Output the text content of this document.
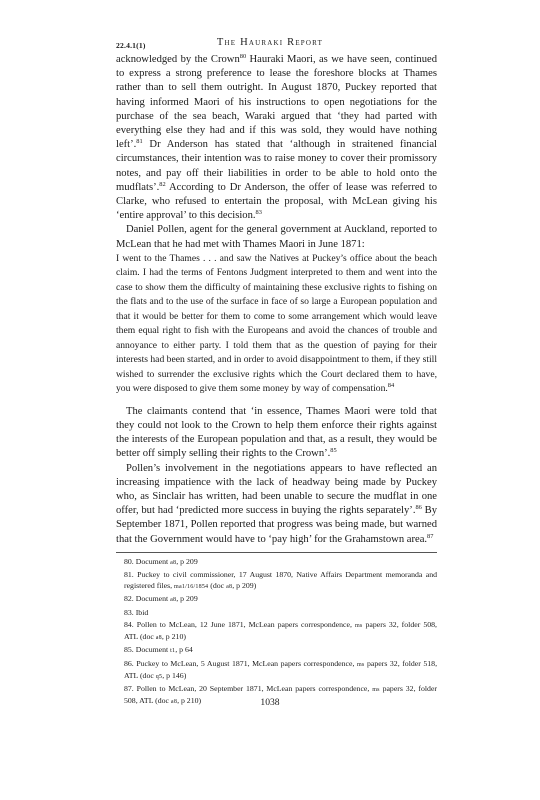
22.4.1(1)	The Hauraki Report

acknowledged by the Crown$^{80}$ Hauraki Maori, as we have seen, continued to express a strong preference to lease the foreshore blocks at Thames rather than to sell them outright. In August 1870, Puckey reported that having informed Maori of his instructions to open negotiations for the purchase of the sea beach, Waraki argued that ‘they had parted with everything else they had and if this was sold, they would have nothing left’.$^{81}$ Dr Anderson has stated that ‘although in straitened financial circumstances, their intention was to raise money to cover their promissory notes, and pay off their liabilities in order to be able to hold onto the mudflats’.$^{82}$ According to Dr Anderson, the offer of lease was referred to Clarke, who refused to entertain the proposal, with McLean giving his ‘entire approval’ to this decision.$^{83}$

Daniel Pollen, agent for the general government at Auckland, reported to McLean that he had met with Thames Maori in June 1871:

I went to the Thames . . . and saw the Natives at Puckey’s office about the beach claim. I had the terms of Fentons Judgment interpreted to them and went into the case to show them the difficulty of maintaining these exclusive rights to fishing on the flats and to the use of the surface in face of so large a European population and that it would be better for them to come to some arrangement which would leave them equal right to fish with the Europeans and avoid the chances of trouble and annoyance to either party. I told them that as the question of paying for their interests had been started, and in order to avoid disappointment to them, if they still wished to surrender the exclusive rights which the Court declared them to have, you were disposed to give them some money by way of compensation.$^{84}$

The claimants contend that ‘in essence, Thames Maori were told that they could not look to the Crown to help them enforce their rights against the interests of the European population and that, as a result, they would be better off simply selling their rights to the Crown’.$^{85}$

Pollen’s involvement in the negotiations appears to have reflected an increasing impatience with the lack of headway being made by Puckey who, as Sinclair has written, had been unable to secure the mudflat in one offer, but had ‘predicted more success in buying the rights separately’.$^{86}$ By September 1871, Pollen reported that progress was being made, but warned that the Government would have to ‘pay high’ for the Grahamstown area.$^{87}$

80. Document a8, p 209
81. Puckey to civil commissioner, 17 August 1870, Native Affairs Department memoranda and registered files, ma1/16/1854 (doc a8, p 209)
82. Document a8, p 209
83. Ibid
84. Pollen to McLean, 12 June 1871, McLean papers correspondence, ms papers 32, folder 508, ATL (doc a8, p 210)
85. Document t1, p 64
86. Puckey to McLean, 5 August 1871, McLean papers correspondence, ms papers 32, folder 518, ATL (doc q5, p 146)
87. Pollen to McLean, 20 September 1871, McLean papers correspondence, ms papers 32, folder 508, ATL (doc a8, p 210)	1038
